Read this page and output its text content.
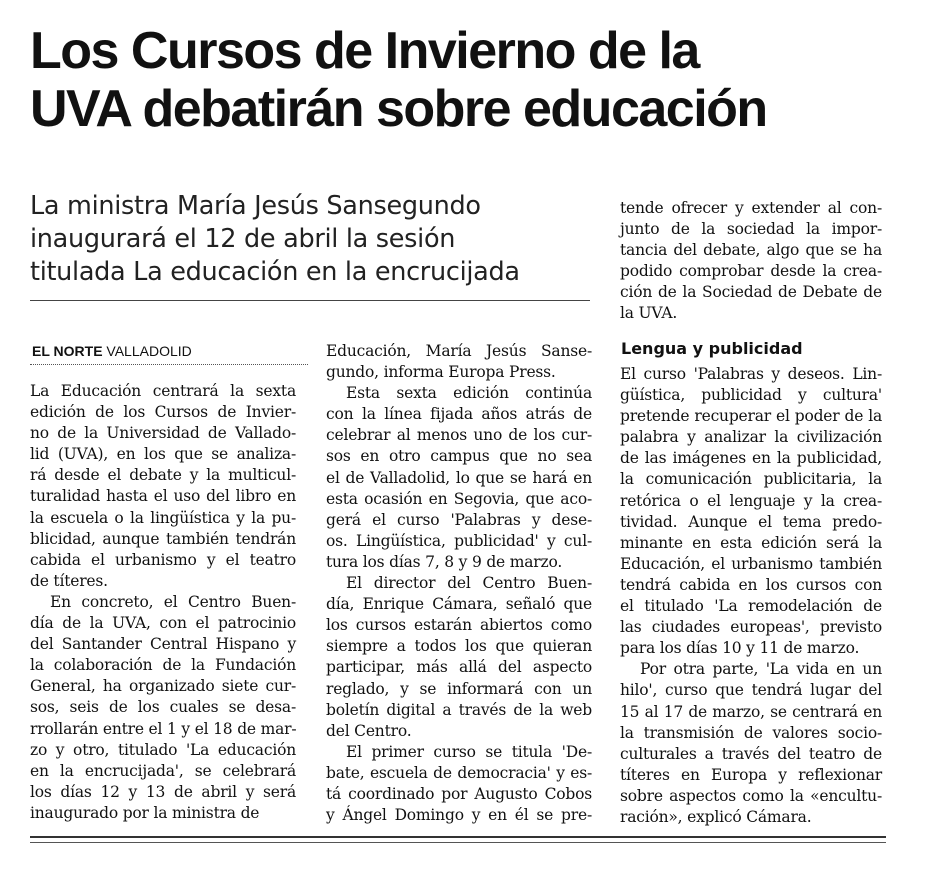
Los Cursos de Invierno de la
UVA debatirán sobre educación
La ministra María Jesús Sansegundo
inaugurará el 12 de abril la sesión
titulada La educación en la encrucijada
EL NORTE VALLADOLID
La Educación centrará la sexta
edición de los Cursos de Invier-
no de la Universidad de Vallado-
lid (UVA), en los que se analiza-
rá desde el debate y la multicul-
turalidad hasta el uso del libro en
la escuela o la lingüística y la pu-
blicidad, aunque también tendrán
cabida el urbanismo y el teatro
de títeres.
En concreto, el Centro Buen-
día de la UVA, con el patrocinio
del Santander Central Hispano y
la colaboración de la Fundación
General, ha organizado siete cur-
sos, seis de los cuales se desa-
rrollarán entre el 1 y el 18 de mar-
zo y otro, titulado 'La educación
en la encrucijada', se celebrará
los días 12 y 13 de abril y será
inaugurado por la ministra de
Educación, María Jesús Sanse-
gundo, informa Europa Press.
Esta sexta edición continúa
con la línea fijada años atrás de
celebrar al menos uno de los cur-
sos en otro campus que no sea
el de Valladolid, lo que se hará en
esta ocasión en Segovia, que aco-
gerá el curso 'Palabras y dese-
os. Lingüística, publicidad' y cul-
tura los días 7, 8 y 9 de marzo.
El director del Centro Buen-
día, Enrique Cámara, señaló que
los cursos estarán abiertos como
siempre a todos los que quieran
participar, más allá del aspecto
reglado, y se informará con un
boletín digital a través de la web
del Centro.
El primer curso se titula 'De-
bate, escuela de democracia' y es-
tá coordinado por Augusto Cobos
y Ángel Domingo y en él se pre-
tende ofrecer y extender al con-
junto de la sociedad la impor-
tancia del debate, algo que se ha
podido comprobar desde la crea-
ción de la Sociedad de Debate de
la UVA.
Lengua y publicidad
El curso 'Palabras y deseos. Lin-
güística, publicidad y cultura'
pretende recuperar el poder de la
palabra y analizar la civilización
de las imágenes en la publicidad,
la comunicación publicitaria, la
retórica o el lenguaje y la crea-
tividad. Aunque el tema predo-
minante en esta edición será la
Educación, el urbanismo también
tendrá cabida en los cursos con
el titulado 'La remodelación de
las ciudades europeas', previsto
para los días 10 y 11 de marzo.
Por otra parte, 'La vida en un
hilo', curso que tendrá lugar del
15 al 17 de marzo, se centrará en
la transmisión de valores socio-
culturales a través del teatro de
títeres en Europa y reflexionar
sobre aspectos como la «encultu-
ración», explicó Cámara.
